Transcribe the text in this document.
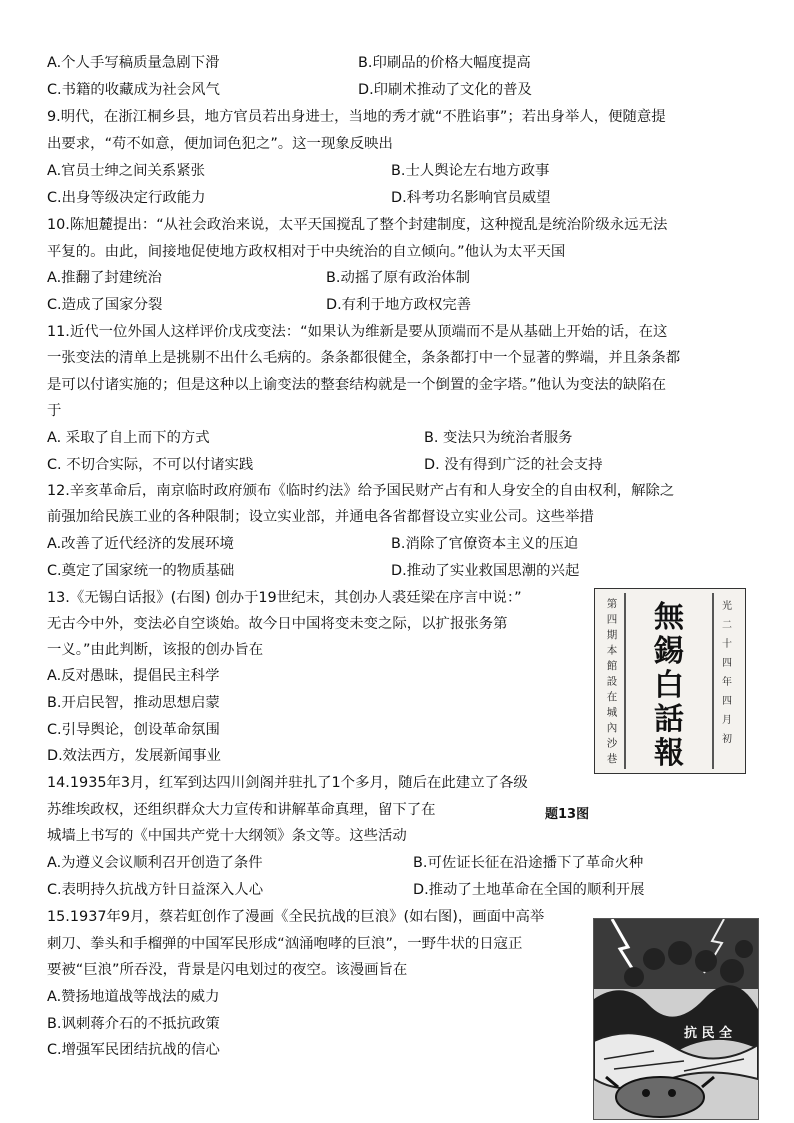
A.个人手写稿质量急剧下滑	B.印刷品的价格大幅度提高
C.书籍的收藏成为社会风气	D.印刷术推动了文化的普及
9.明代，在浙江桐乡县，地方官员若出身进士，当地的秀才就“不胜谄事”；若出身举人，便随意提
出要求，“苟不如意，便加词色犯之”。这一现象反映出
A.官员士绅之间关系紧张	B.士人舆论左右地方政事
C.出身等级决定行政能力	D.科考功名影响官员威望
10.陈旭麓提出：“从社会政治来说，太平天国搅乱了整个封建制度，这种搅乱是统治阶级永远无法
平复的。由此，间接地促使地方政权相对于中央统治的自立倾向。”他认为太平天国
A.推翻了封建统治	B.动摇了原有政治体制
C.造成了国家分裂	D.有利于地方政权完善
11.近代一位外国人这样评价戊戌变法：“如果认为维新是要从顶端而不是从基础上开始的话，在这
一张变法的清单上是挑剔不出什么毛病的。条条都很健全，条条都打中一个显著的弊端，并且条条都
是可以付诸实施的；但是这种以上谕变法的整套结构就是一个倒置的金字塔。”他认为变法的缺陷在
于
A. 采取了自上而下的方式	B. 变法只为统治者服务
C. 不切合实际，不可以付诸实践	D. 没有得到广泛的社会支持
12.辛亥革命后，南京临时政府颁布《临时约法》给予国民财产占有和人身安全的自由权利，解除之
前强加给民族工业的各种限制；设立实业部，并通电各省都督设立实业公司。这些举措
A.改善了近代经济的发展环境	B.消除了官僚资本主义的压迫
C.奠定了国家统一的物质基础	D.推动了实业救国思潮的兴起
13.《无锡白话报》(右图) 创办于19世纪末，其创办人裘廷梁在序言中说：”
无古今中外，变法必自空谈始。故今日中国将变未变之际，以扩报张务第
一义。”由此判断，该报的创办旨在
A.反对愚昧，提倡民主科学
B.开启民智，推动思想启蒙
C.引导舆论，创设革命氛围
D.效法西方，发展新闻事业
第
四
期
本
館
設
在
城
內
沙
巷
無
錫
白
話
報
光
二
十
四
年
四
月
初
题13图
14.1935年3月，红军到达四川剑阁并驻扎了1个多月，随后在此建立了各级
苏维埃政权，还组织群众大力宣传和讲解革命真理，留下了在
城墙上书写的《中国共产党十大纲领》条文等。这些活动
A.为遵义会议顺利召开创造了条件	B.可佐证长征在沿途播下了革命火种
C.表明持久抗战方针日益深入人心	D.推动了土地革命在全国的顺利开展
15.1937年9月，蔡若虹创作了漫画《全民抗战的巨浪》(如右图)，画面中高举
刺刀、拳头和手榴弹的中国军民形成“汹涌咆哮的巨浪”，一野牛状的日寇正
要被“巨浪”所吞没，背景是闪电划过的夜空。该漫画旨在
A.赞扬地道战等战法的威力
B.讽刺蒋介石的不抵抗政策
C.增强军民团结抗战的信心
抗 民 全
